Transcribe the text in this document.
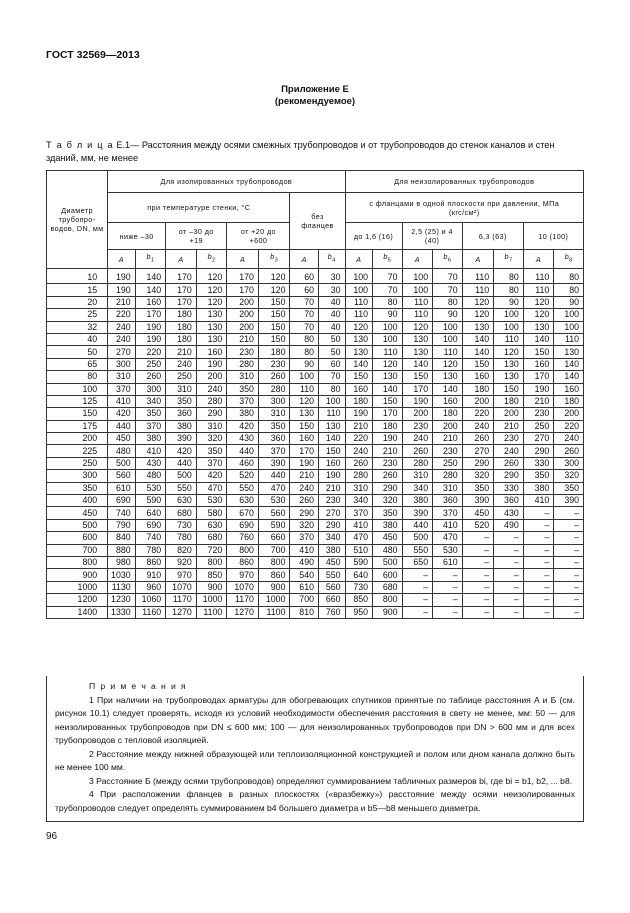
ГОСТ 32569—2013
Приложение Е
(рекомендуемое)
Т а б л и ц а Е.1— Расстояния между осями смежных трубопроводов и от трубопроводов до стенок каналов и стен зданий, мм, не менее
Диаметр трубопро-водов, DN, мм	Для изолированных трубопроводов								Для неизолированных трубопроводов							
	при температуре стенки, °С						без фланцев		с фланцами в одной плоскости при давлении, МПа (кгс/см²)							
	ниже –30		от –30 до +19		от +20 до +600				до 1,6 (16)		2,5 (25) и 4 (40)		6,3 (63)		10 (100)	
	A	$b_1$	A	$b_2$	A	$b_3$	A	$b_4$	A	$b_5$	A	$b_6$	A	$b_7$	A	$b_8$
10	190	140	170	120	170	120	60	30	100	70	100	70	110	80	110	80
15	190	140	170	120	170	120	60	30	100	70	100	70	110	80	110	80
20	210	160	170	120	200	150	70	40	110	80	110	80	120	90	120	90
25	220	170	180	130	200	150	70	40	110	90	110	90	120	100	120	100
32	240	190	180	130	200	150	70	40	120	100	120	100	130	100	130	100
40	240	190	180	130	210	150	80	50	130	100	130	100	140	110	140	110
50	270	220	210	160	230	180	80	50	130	110	130	110	140	120	150	130
65	300	250	240	190	280	230	90	60	140	120	140	120	150	130	160	140
80	310	260	250	200	310	260	100	70	150	130	150	130	160	130	170	140
100	370	300	310	240	350	280	110	80	160	140	170	140	180	150	190	160
125	410	340	350	280	370	300	120	100	180	150	190	160	200	180	210	180
150	420	350	360	290	380	310	130	110	190	170	200	180	220	200	230	200
175	440	370	380	310	420	350	150	130	210	180	230	200	240	210	250	220
200	450	380	390	320	430	360	160	140	220	190	240	210	260	230	270	240
225	480	410	420	350	440	370	170	150	240	210	260	230	270	240	290	260
250	500	430	440	370	460	390	190	160	260	230	280	250	290	260	330	300
300	560	480	500	420	520	440	210	190	280	260	310	280	320	290	350	320
350	610	530	550	470	550	470	240	210	310	290	340	310	350	330	380	350
400	690	590	630	530	630	530	260	230	340	320	380	360	390	360	410	390
450	740	640	680	580	670	560	290	270	370	350	390	370	450	430	–	–
500	790	690	730	630	690	590	320	290	410	380	440	410	520	490	–	–
600	840	740	780	680	760	660	370	340	470	450	500	470	–	–	–	–
700	880	780	820	720	800	700	410	380	510	480	550	530	–	–	–	–
800	980	860	920	800	860	800	490	450	590	500	650	610	–	–	–	–
900	1030	910	970	850	970	860	540	550	640	600	–	–	–	–	–	–
1000	1130	960	1070	900	1070	900	610	560	730	680	–	–	–	–	–	–
1200	1230	1060	1170	1000	1170	1000	700	660	850	800	–	–	–	–	–	–
1400	1330	1160	1270	1100	1270	1100	810	760	950	900	–	–	–	–	–	–
П р и м е ч а н и я

1 При наличии на трубопроводах арматуры для обогревающих спутников принятые по таблице расстояния A и Б (см. рисунок 10.1) следует проверять, исходя из условий необходимости обеспечения расстояния в свету не менее, мм: 50 — для неизолированных трубопроводов при DN ≤ 600 мм; 100 — для неизолированных трубопроводов при DN > 600 мм и для всех трубопроводов с тепловой изоляцией.

2 Расстояние между нижней образующей или теплоизоляционной конструкцией и полом или дном канала должно быть не менее 100 мм.

3 Расстояние Б (между осями трубопроводов) определяют суммированием табличных размеров bi, где bi = b1, b2, ... b8.

4 При расположении фланцев в разных плоскостях («вразбежку») расстояние между осями неизолированных трубопроводов следует определять суммированием b4 большего диаметра и b5—b8 меньшего диаметра.

96
